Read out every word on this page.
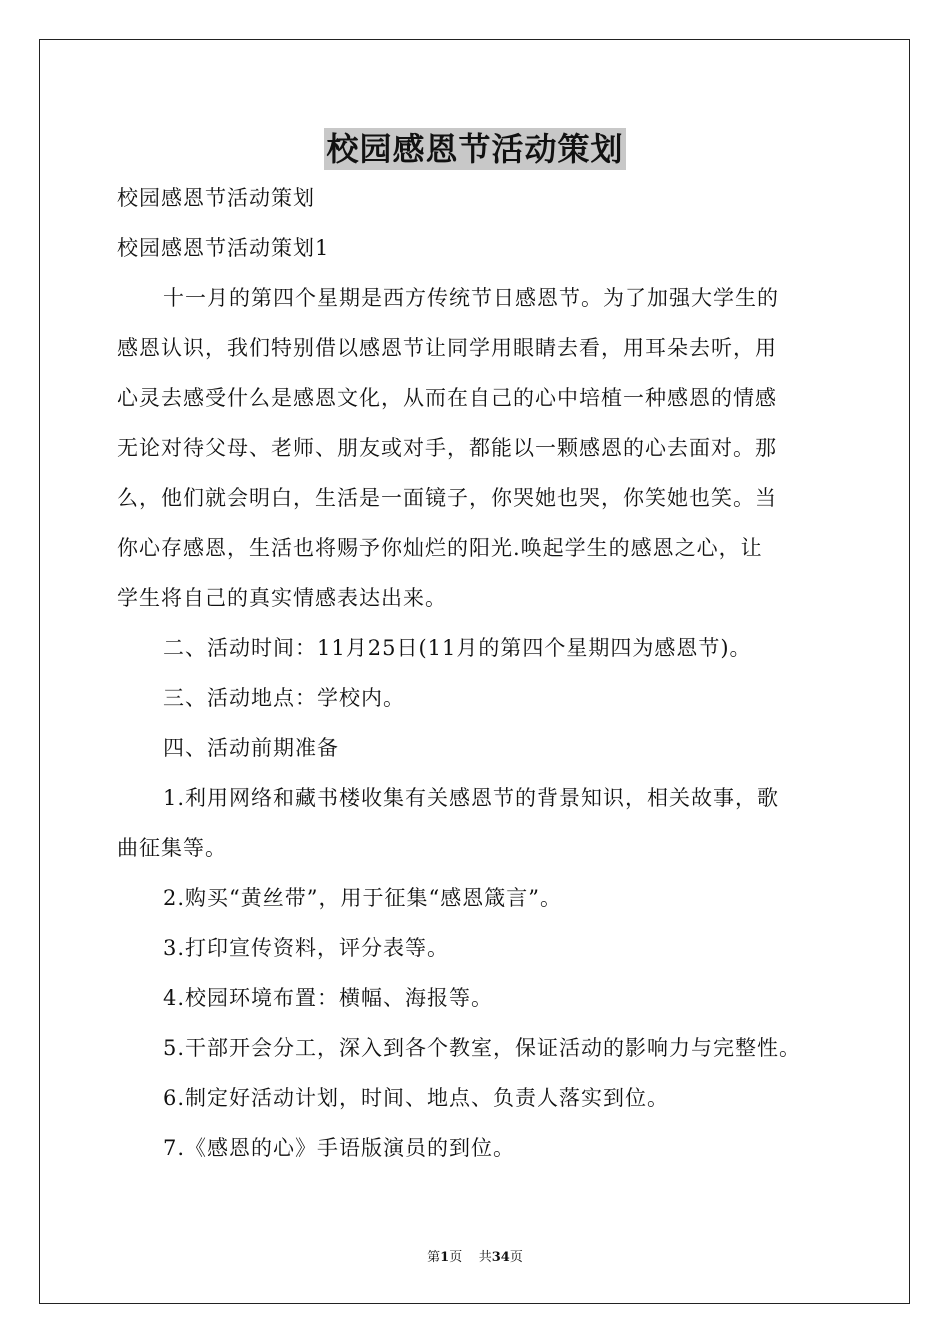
校园感恩节活动策划
校园感恩节活动策划
校园感恩节活动策划1
十一月的第四个星期是西方传统节日感恩节。为了加强大学生的
感恩认识，我们特别借以感恩节让同学用眼睛去看，用耳朵去听，用
心灵去感受什么是感恩文化，从而在自己的心中培植一种感恩的情感
无论对待父母、老师、朋友或对手，都能以一颗感恩的心去面对。那
么，他们就会明白，生活是一面镜子，你哭她也哭，你笑她也笑。当
你心存感恩，生活也将赐予你灿烂的阳光.唤起学生的感恩之心，让
学生将自己的真实情感表达出来。
二、活动时间：11月25日(11月的第四个星期四为感恩节)。
三、活动地点：学校内。
四、活动前期准备
1.利用网络和藏书楼收集有关感恩节的背景知识，相关故事，歌
曲征集等。
2.购买“黄丝带”，用于征集“感恩箴言”。
3.打印宣传资料，评分表等。
4.校园环境布置：横幅、海报等。
5.干部开会分工，深入到各个教室，保证活动的影响力与完整性。
6.制定好活动计划，时间、地点、负责人落实到位。
7.《感恩的心》手语版演员的到位。
第1页    共34页
